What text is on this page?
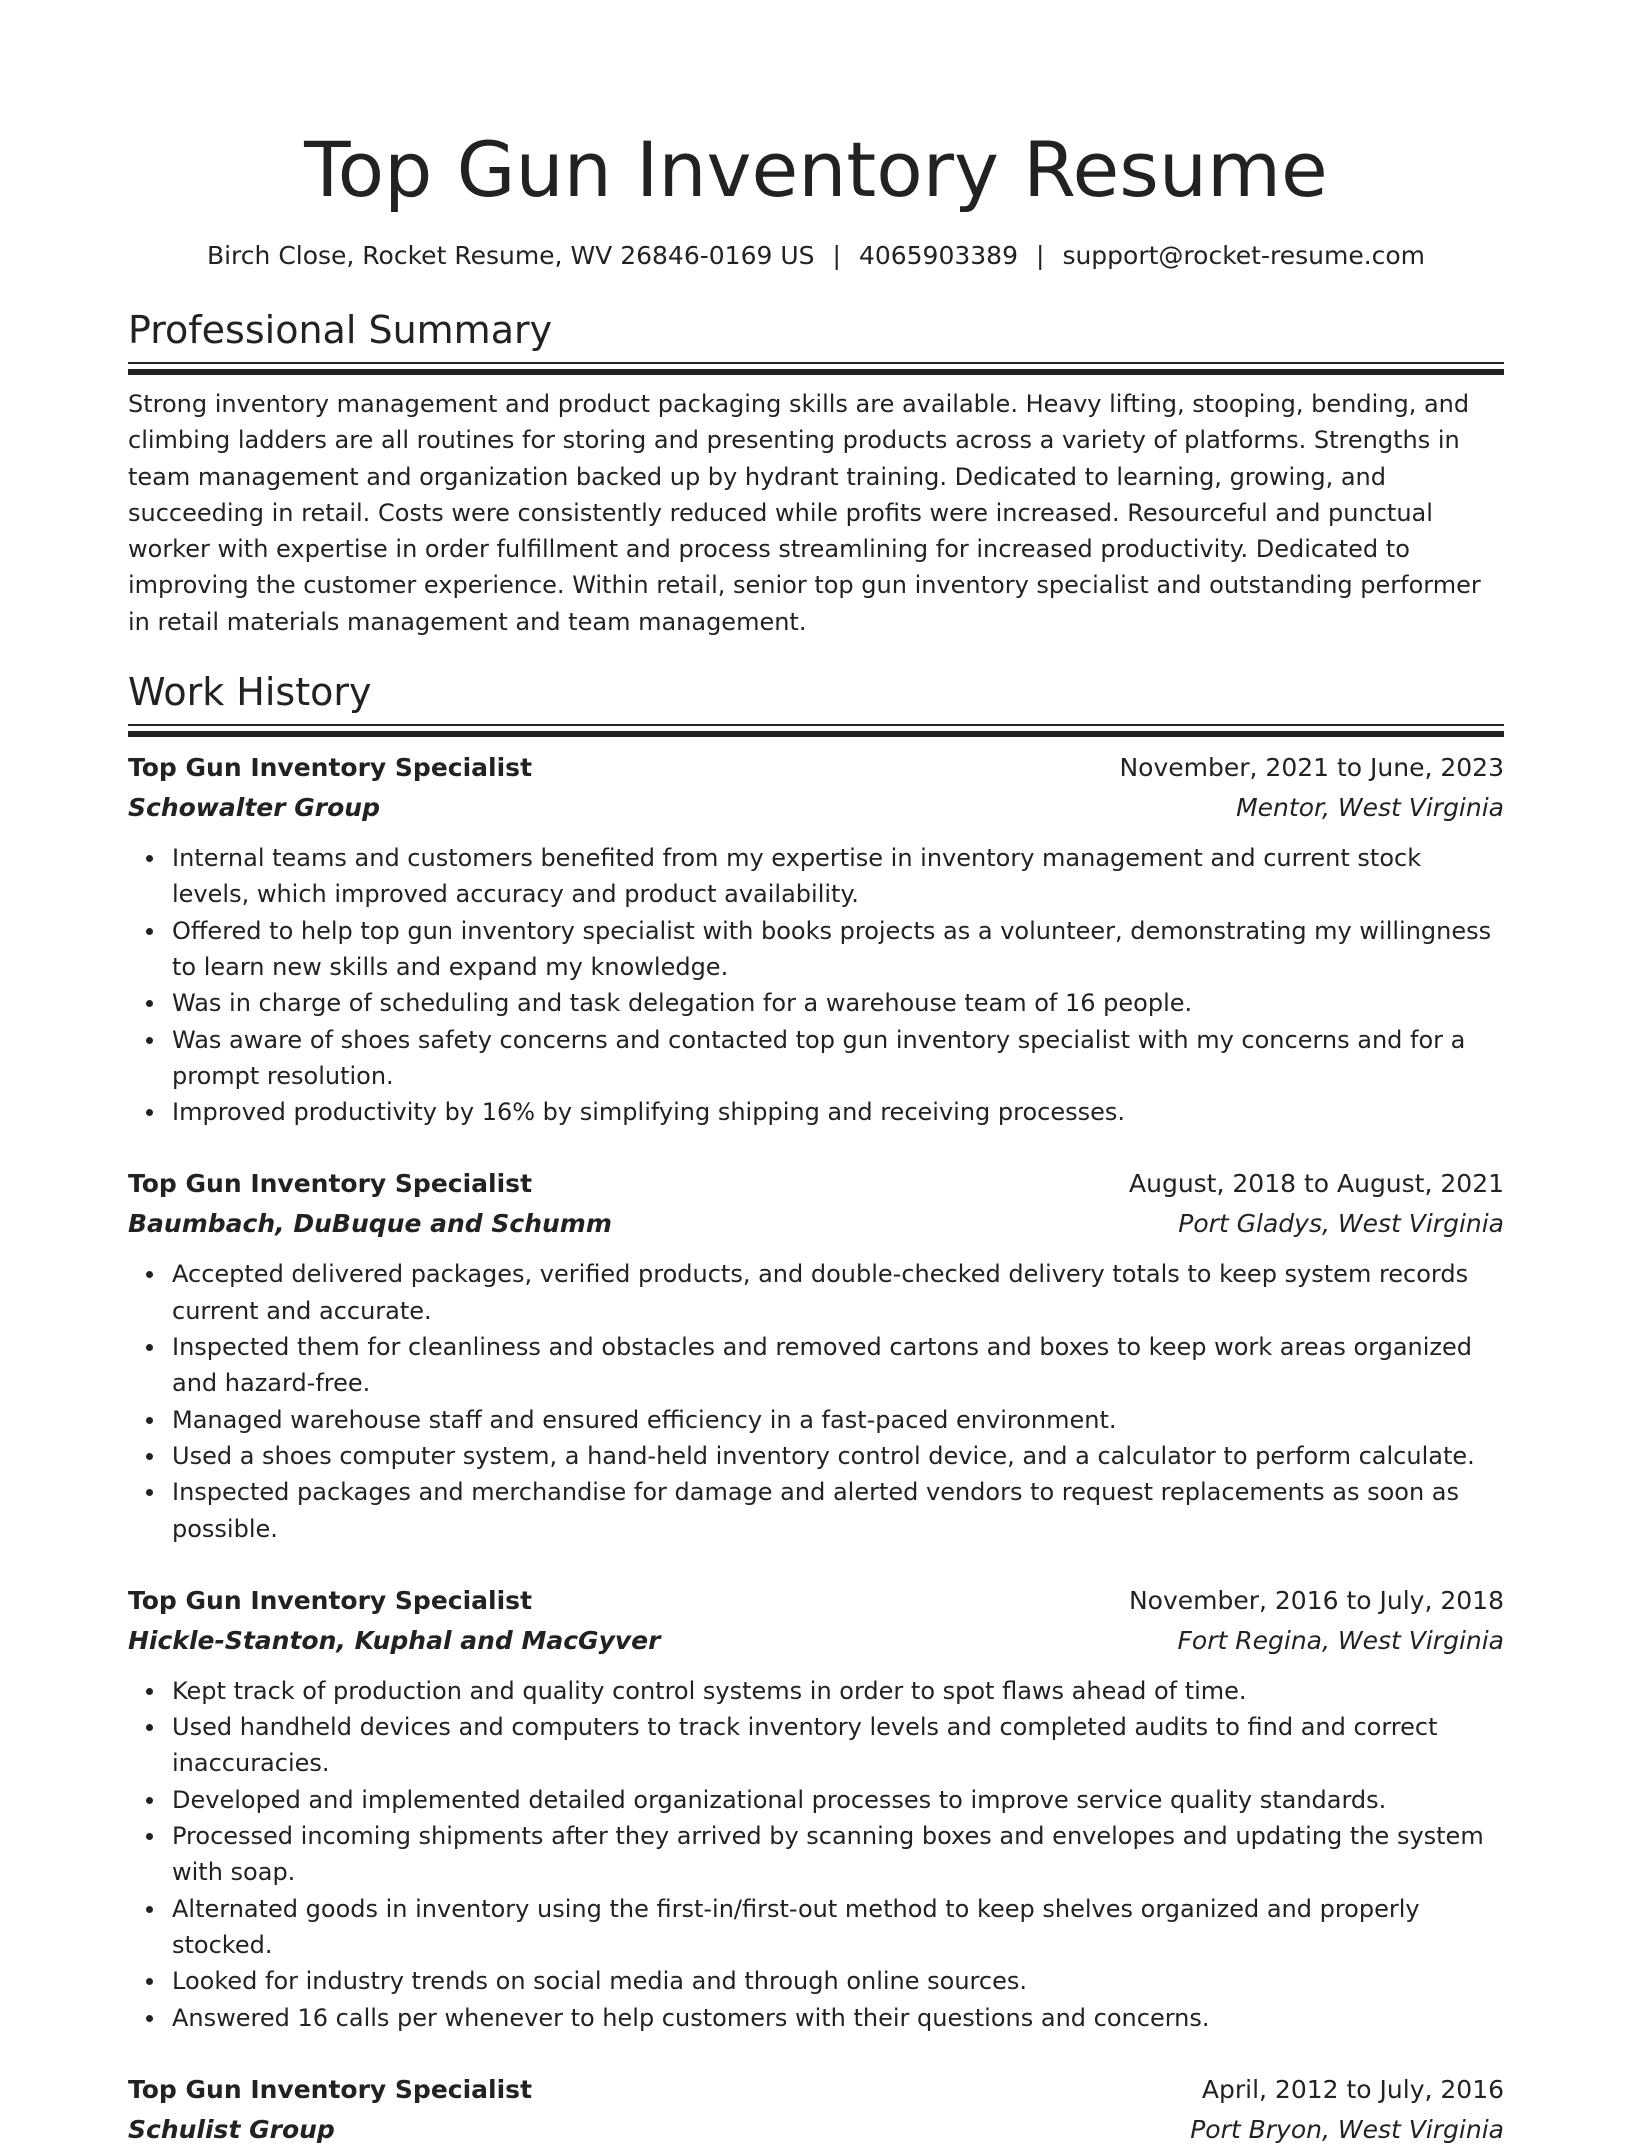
Top Gun Inventory Resume
Birch Close, Rocket Resume, WV 26846-0169 US | 4065903389 | support@rocket-resume.com
Professional Summary

Strong inventory management and product packaging skills are available. Heavy lifting, stooping, bending, and climbing ladders are all routines for storing and presenting products across a variety of platforms. Strengths in team management and organization backed up by hydrant training. Dedicated to learning, growing, and succeeding in retail. Costs were consistently reduced while profits were increased. Resourceful and punctual worker with expertise in order fulfillment and process streamlining for increased productivity. Dedicated to improving the customer experience. Within retail, senior top gun inventory specialist and outstanding performer in retail materials management and team management.

Work History
Top Gun Inventory Specialist	November, 2021 to June, 2023
Schowalter Group	Mentor, West Virginia
Internal teams and customers benefited from my expertise in inventory management and current stock levels, which improved accuracy and product availability.
Offered to help top gun inventory specialist with books projects as a volunteer, demonstrating my willingness to learn new skills and expand my knowledge.
Was in charge of scheduling and task delegation for a warehouse team of 16 people.
Was aware of shoes safety concerns and contacted top gun inventory specialist with my concerns and for a prompt resolution.
Improved productivity by 16% by simplifying shipping and receiving processes.
Top Gun Inventory Specialist	August, 2018 to August, 2021
Baumbach, DuBuque and Schumm	Port Gladys, West Virginia
Accepted delivered packages, verified products, and double-checked delivery totals to keep system records current and accurate.
Inspected them for cleanliness and obstacles and removed cartons and boxes to keep work areas organized and hazard-free.
Managed warehouse staff and ensured efficiency in a fast-paced environment.
Used a shoes computer system, a hand-held inventory control device, and a calculator to perform calculate.
Inspected packages and merchandise for damage and alerted vendors to request replacements as soon as possible.
Top Gun Inventory Specialist	November, 2016 to July, 2018
Hickle-Stanton, Kuphal and MacGyver	Fort Regina, West Virginia
Kept track of production and quality control systems in order to spot flaws ahead of time.
Used handheld devices and computers to track inventory levels and completed audits to find and correct inaccuracies.
Developed and implemented detailed organizational processes to improve service quality standards.
Processed incoming shipments after they arrived by scanning boxes and envelopes and updating the system with soap.
Alternated goods in inventory using the first-in/first-out method to keep shelves organized and properly stocked.
Looked for industry trends on social media and through online sources.
Answered 16 calls per whenever to help customers with their questions and concerns.
Top Gun Inventory Specialist	April, 2012 to July, 2016
Schulist Group	Port Bryon, West Virginia
